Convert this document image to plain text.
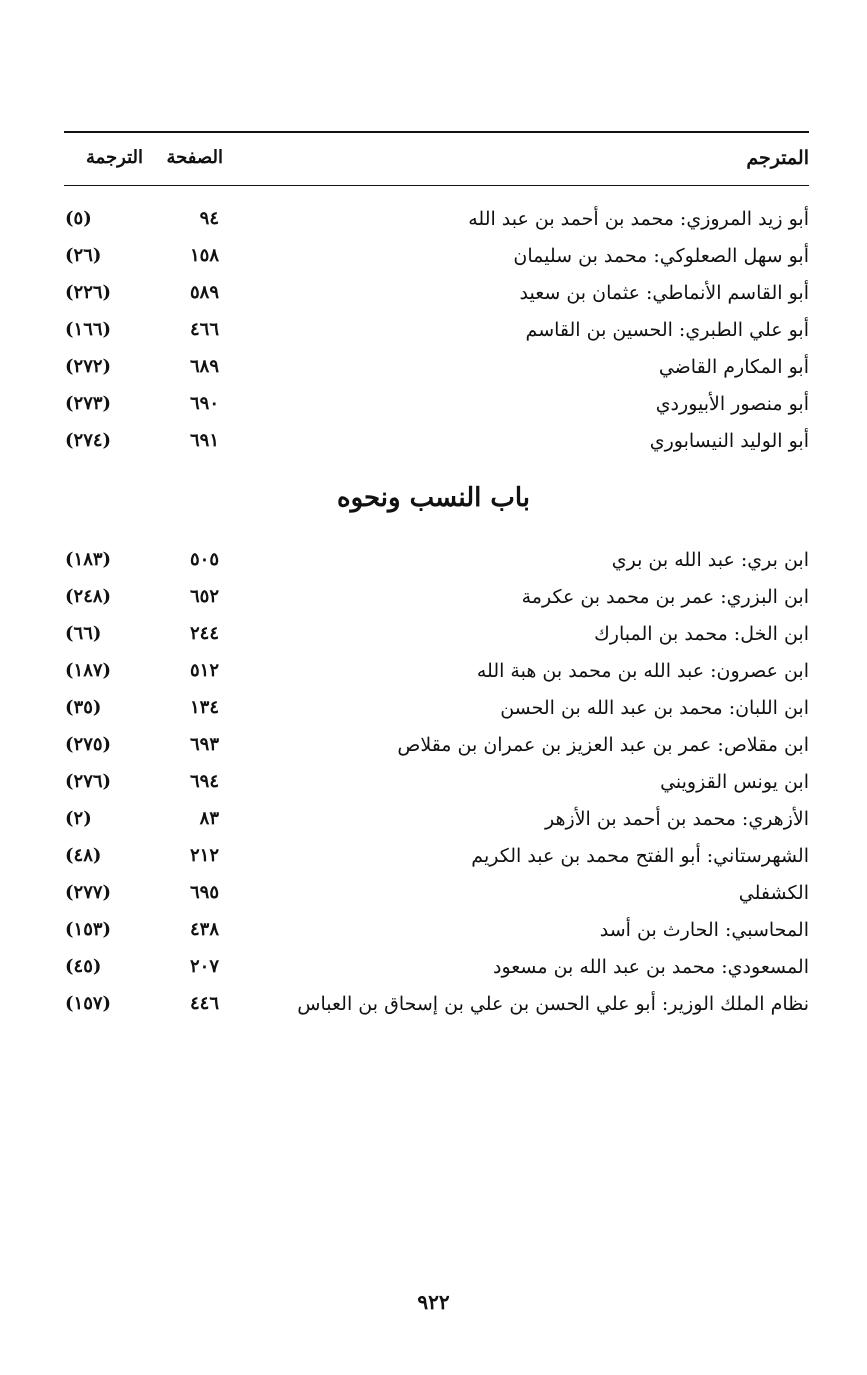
المترجم
الصفحة
الترجمة
أبو زيد المروزي: محمد بن أحمد بن عبد الله
٩٤
(٥)
أبو سهل الصعلوكي: محمد بن سليمان
١٥٨
(٢٦)
أبو القاسم الأنماطي: عثمان بن سعيد
٥٨٩
(٢٢٦)
أبو علي الطبري: الحسين بن القاسم
٤٦٦
(١٦٦)
أبو المكارم القاضي
٦٨٩
(٢٧٢)
أبو منصور الأبيوردي
٦٩٠
(٢٧٣)
أبو الوليد النيسابوري
٦٩١
(٢٧٤)
باب النسب ونحوه
ابن بري: عبد الله بن بري
٥٠٥
(١٨٣)
ابن البزري: عمر بن محمد بن عكرمة
٦٥٢
(٢٤٨)
ابن الخل: محمد بن المبارك
٢٤٤
(٦٦)
ابن عصرون: عبد الله بن محمد بن هبة الله
٥١٢
(١٨٧)
ابن اللبان: محمد بن عبد الله بن الحسن
١٣٤
(٣٥)
ابن مقلاص: عمر بن عبد العزيز بن عمران بن مقلاص
٦٩٣
(٢٧٥)
ابن يونس القزويني
٦٩٤
(٢٧٦)
الأزهري: محمد بن أحمد بن الأزهر
٨٣
(٢)
الشهرستاني: أبو الفتح محمد بن عبد الكريم
٢١٢
(٤٨)
الكشفلي
٦٩٥
(٢٧٧)
المحاسبي: الحارث بن أسد
٤٣٨
(١٥٣)
المسعودي: محمد بن عبد الله بن مسعود
٢٠٧
(٤٥)
نظام الملك الوزير: أبو علي الحسن بن علي بن إسحاق بن العباس
٤٤٦
(١٥٧)
٩٢٢
